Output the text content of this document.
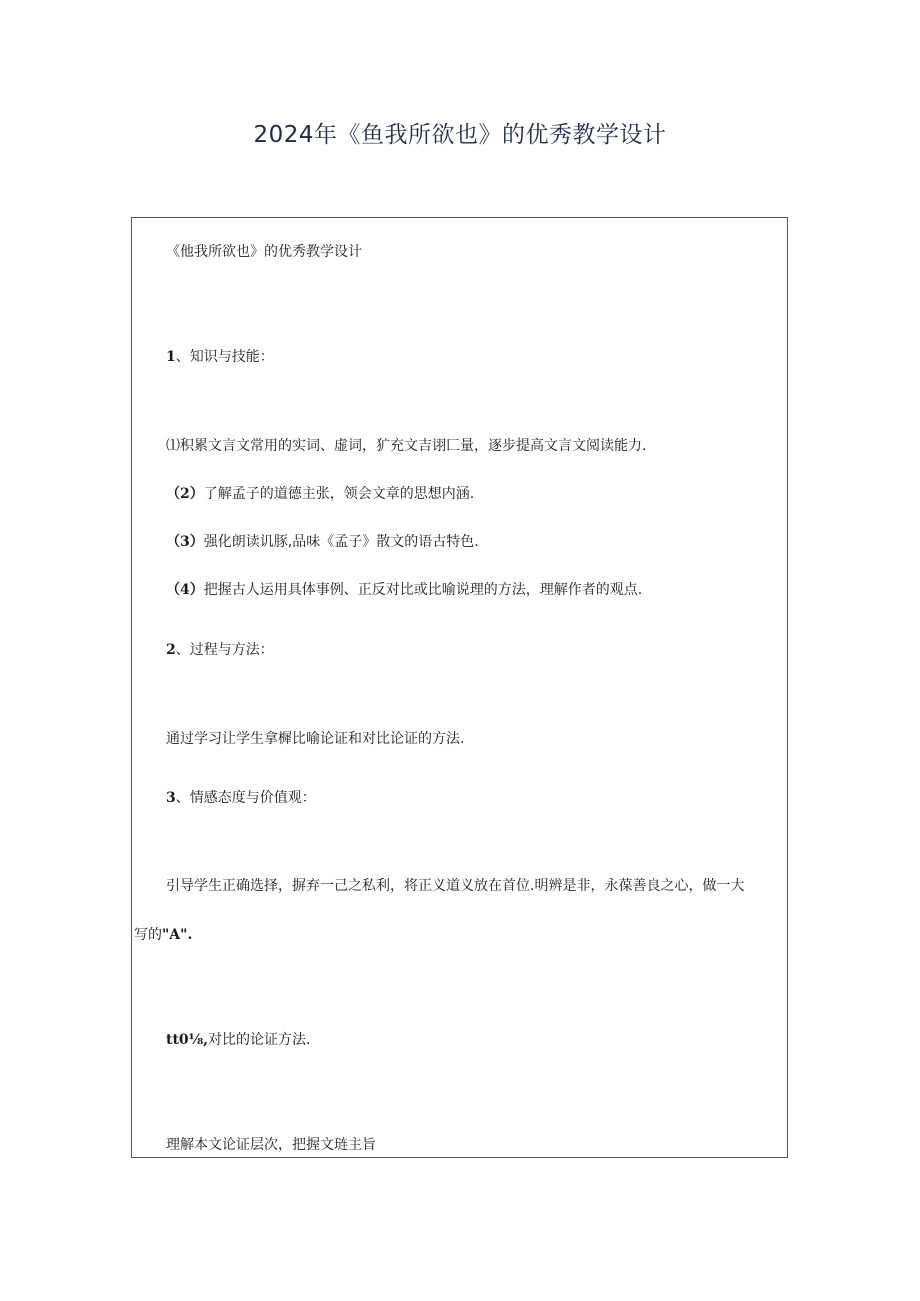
2024年《鱼我所欲也》的优秀教学设计
《他我所欲也》的优秀教学设计
1、知识与技能：
⑴积累文言文常用的实词、虚词，犷充文吉诩匚量，逐步提高文言文阅读能力.
（2）了解孟子的道德主张，领会文章的思想内涵.
（3）强化朗读讥豚,品味《孟子》散文的语古特色.
（4）把握古人运用具体事例、正反对比或比喻说理的方法，理解作者的观点.
2、过程与方法：
通过学习让学生拿樨比喻论证和对比论证的方法.
3、情感态度与价值观：
引导学生正确选择，摒弃一己之私利，将正义道义放在首位.明辨是非，永葆善良之心，做一大
写的"A".
tt0⅛,对比的论证方法.
理解本文论证层次，把握文琏主旨
